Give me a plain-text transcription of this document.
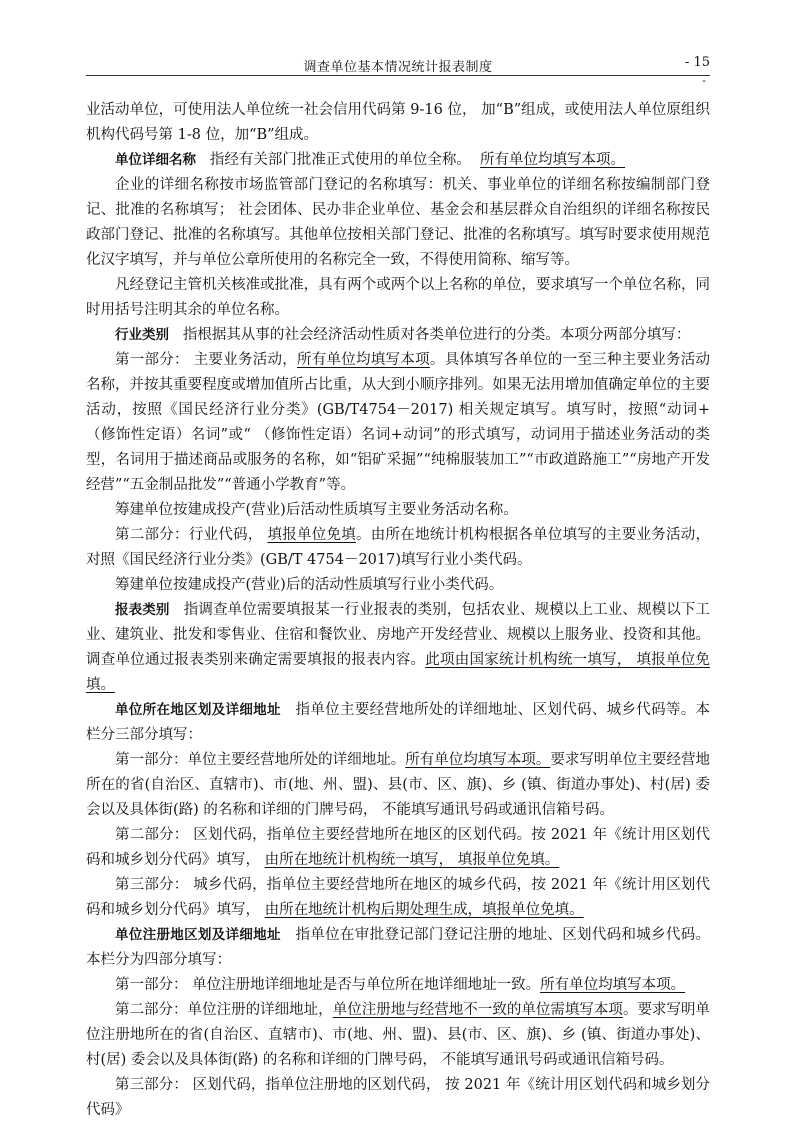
调查单位基本情况统计报表制度	- 15
-

业活动单位，可使用法人单位统一社会信用代码第 9-16 位， 加“B”组成，或使用法人单位原组织机构代码号第 1-8 位，加“B”组成。

单位详细名称 指经有关部门批准正式使用的单位全称。 所有单位均填写本项。

企业的详细名称按市场监管部门登记的名称填写：机关、事业单位的详细名称按编制部门登记、批准的名称填写； 社会团体、民办非企业单位、基金会和基层群众自治组织的详细名称按民政部门登记、批准的名称填写。其他单位按相关部门登记、批准的名称填写。填写时要求使用规范化汉字填写，并与单位公章所使用的名称完全一致，不得使用简称、缩写等。

凡经登记主管机关核准或批准，具有两个或两个以上名称的单位，要求填写一个单位名称，同时用括号注明其余的单位名称。

行业类别 指根据其从事的社会经济活动性质对各类单位进行的分类。本项分两部分填写：

第一部分： 主要业务活动，所有单位均填写本项。具体填写各单位的一至三种主要业务活动名称，并按其重要程度或增加值所占比重，从大到小顺序排列。如果无法用增加值确定单位的主要活动，按照《国民经济行业分类》(GB/T4754－2017) 相关规定填写。填写时，按照“动词+（修饰性定语）名词”或“ （修饰性定语）名词+动词”的形式填写，动词用于描述业务活动的类型，名词用于描述商品或服务的名称，如“铝矿采掘”“纯棉服装加工”“市政道路施工”“房地产开发经营”“五金制品批发”“普通小学教育”等。

筹建单位按建成投产(营业)后活动性质填写主要业务活动名称。

第二部分：行业代码， 填报单位免填。由所在地统计机构根据各单位填写的主要业务活动，对照《国民经济行业分类》(GB/T 4754－2017)填写行业小类代码。

筹建单位按建成投产(营业)后的活动性质填写行业小类代码。

报表类别 指调查单位需要填报某一行业报表的类别，包括农业、规模以上工业、规模以下工业、建筑业、批发和零售业、住宿和餐饮业、房地产开发经营业、规模以上服务业、投资和其他。调查单位通过报表类别来确定需要填报的报表内容。此项由国家统计机构统一填写， 填报单位免填。

单位所在地区划及详细地址 指单位主要经营地所处的详细地址、区划代码、城乡代码等。本栏分三部分填写：

第一部分：单位主要经营地所处的详细地址。所有单位均填写本项。要求写明单位主要经营地所在的省(自治区、直辖市)、市(地、州、盟)、县(市、区、旗)、乡 (镇、街道办事处)、村(居) 委会以及具体街(路) 的名称和详细的门牌号码， 不能填写通讯号码或通讯信箱号码。

第二部分： 区划代码，指单位主要经营地所在地区的区划代码。按 2021 年《统计用区划代码和城乡划分代码》填写， 由所在地统计机构统一填写， 填报单位免填。

第三部分： 城乡代码，指单位主要经营地所在地区的城乡代码，按 2021 年《统计用区划代码和城乡划分代码》填写， 由所在地统计机构后期处理生成，填报单位免填。

单位注册地区划及详细地址 指单位在审批登记部门登记注册的地址、区划代码和城乡代码。本栏分为四部分填写：

第一部分： 单位注册地详细地址是否与单位所在地详细地址一致。所有单位均填写本项。

第二部分：单位注册的详细地址，单位注册地与经营地不一致的单位需填写本项。要求写明单位注册地所在的省(自治区、直辖市)、市(地、州、盟)、县(市、区、旗)、乡 (镇、街道办事处)、村(居) 委会以及具体街(路) 的名称和详细的门牌号码， 不能填写通讯号码或通讯信箱号码。

第三部分： 区划代码，指单位注册地的区划代码， 按 2021 年《统计用区划代码和城乡划分代码》
